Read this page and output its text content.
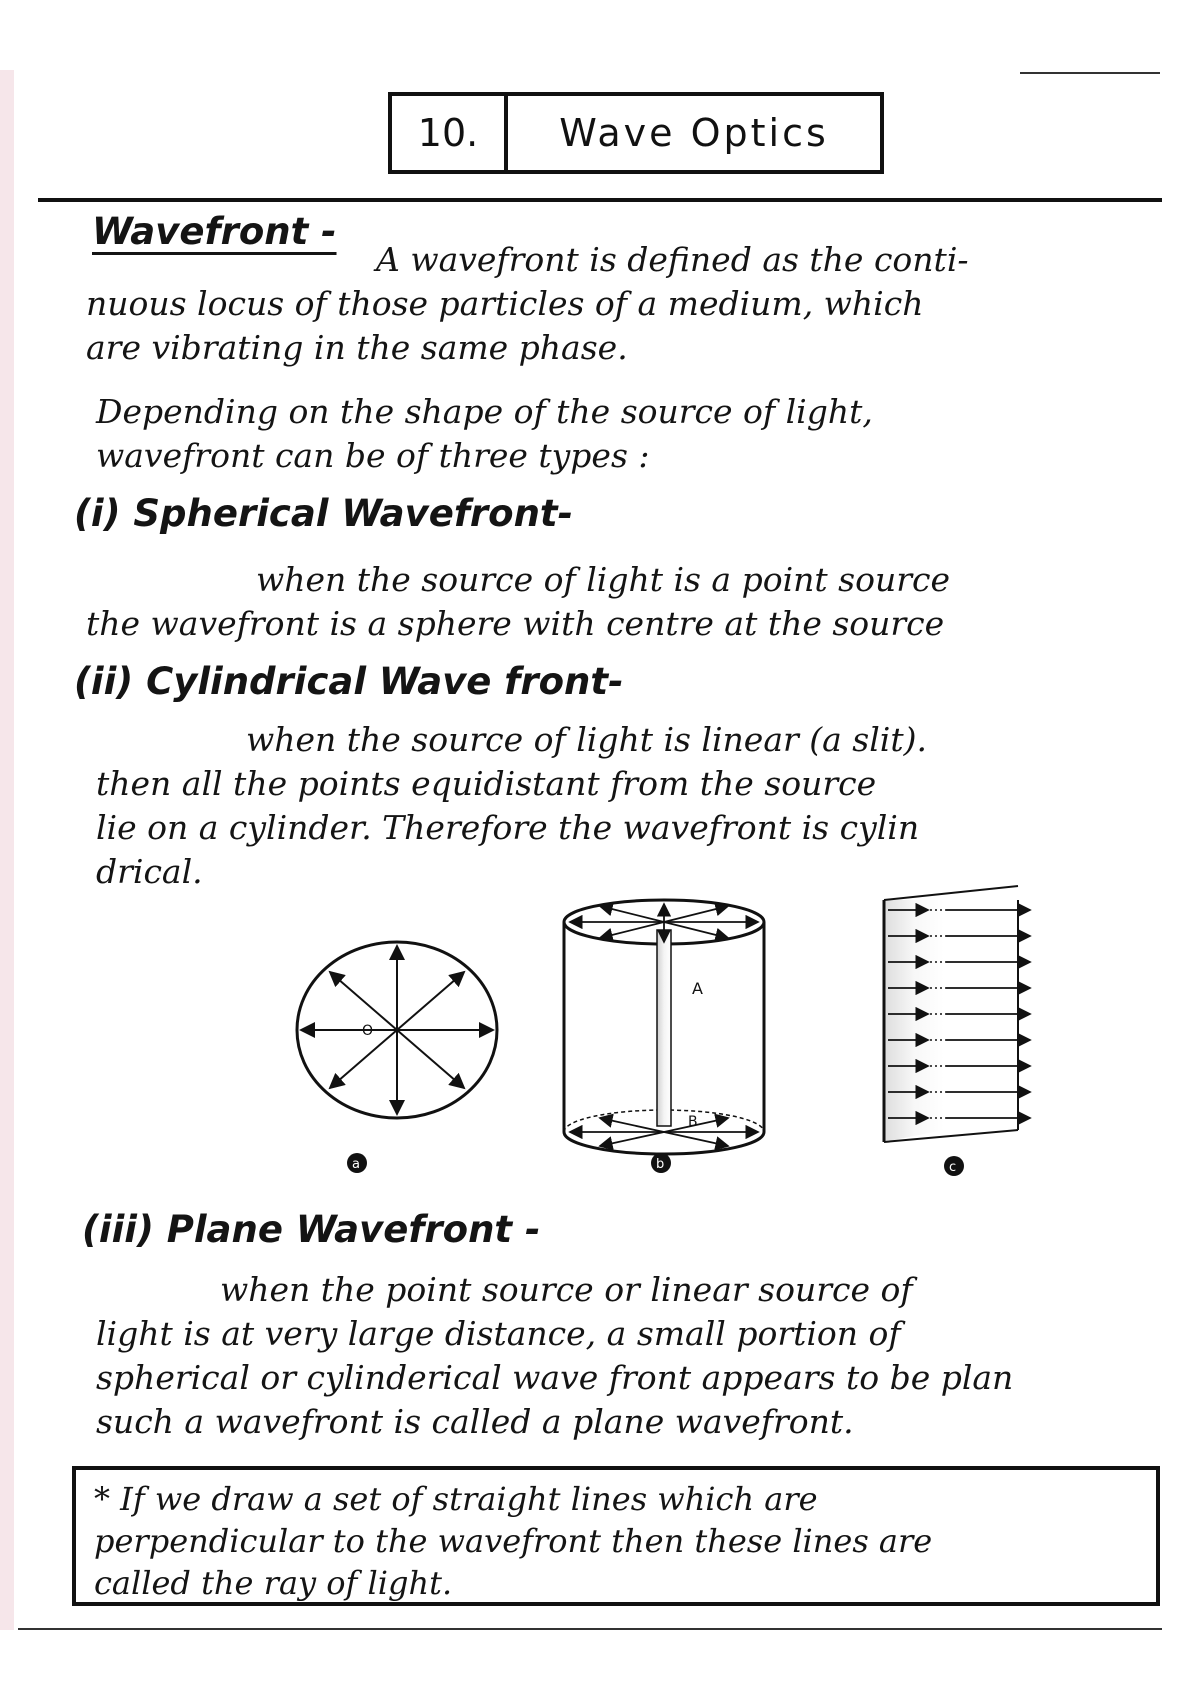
10.	Wave Optics
Wavefront -
A wavefront is defined as the conti-
nuous locus of those particles of a medium, which
are vibrating in the same phase.
Depending on the shape of the source of light,
wavefront can be of three types :
(i) Spherical Wavefront-
when the source of light is a point source
the wavefront is a sphere with centre at the source
(ii) Cylindrical Wave front-
when the source of light is linear (a slit).
then all the points equidistant from the source
lie on a cylinder. Therefore the wavefront is cylin
drical.
O
a
A
B
b	c
(iii) Plane Wavefront -
when the point source or linear source of
light is at very large distance, a small portion of
spherical or cylinderical wave front appears to be plan
such a wavefront is called a plane wavefront.
* If we draw a set of straight lines which are
perpendicular to the wavefront then these lines are
called the ray of light.
